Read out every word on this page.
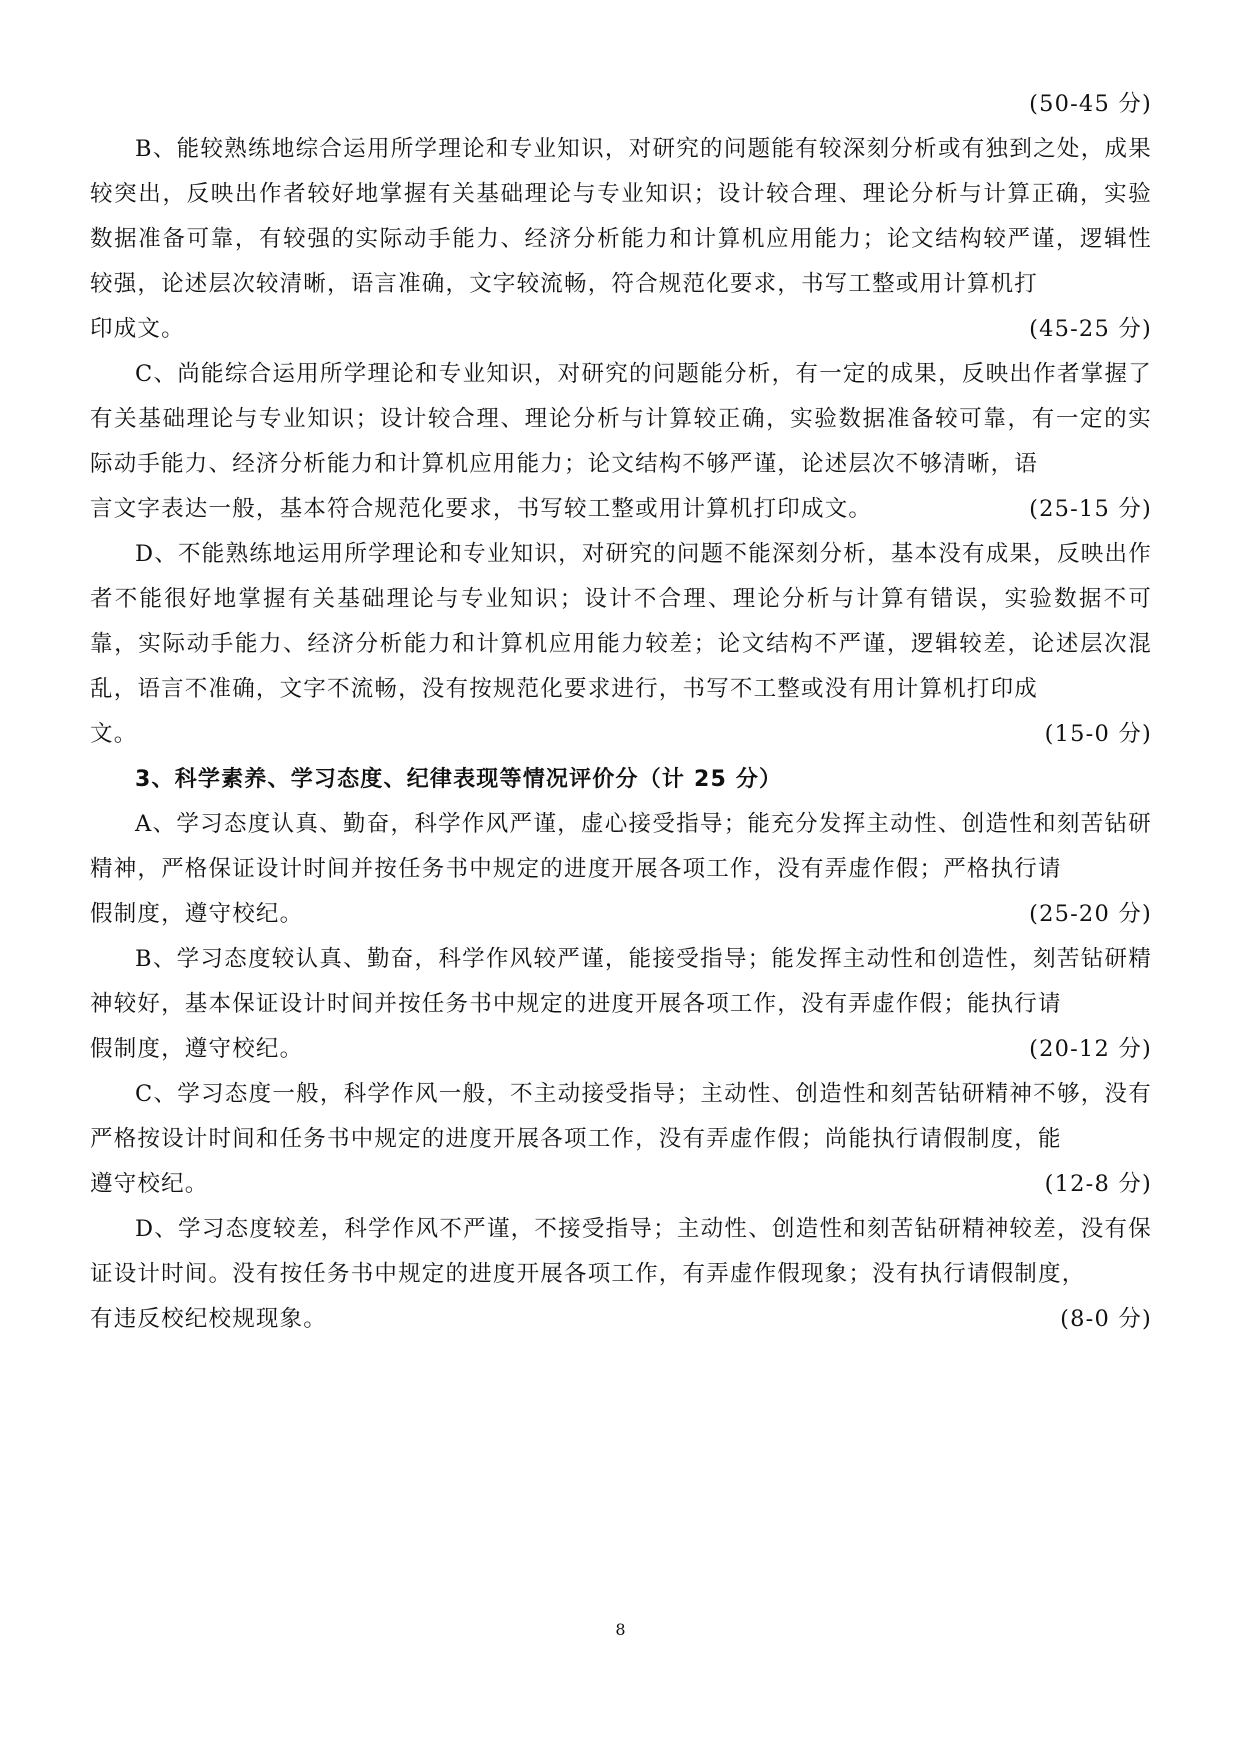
(50-45 分)

B、能较熟练地综合运用所学理论和专业知识，对研究的问题能有较深刻分析或有独到之处，成果较突出，反映出作者较好地掌握有关基础理论与专业知识；设计较合理、理论分析与计算正确，实验数据准备可靠，有较强的实际动手能力、经济分析能力和计算机应用能力；论文结构较严谨，逻辑性较强，论述层次较清晰，语言准确，文字较流畅，符合规范化要求，书写工整或用计算机打

印成文。	(45-25 分)

C、尚能综合运用所学理论和专业知识，对研究的问题能分析，有一定的成果，反映出作者掌握了有关基础理论与专业知识；设计较合理、理论分析与计算较正确，实验数据准备较可靠，有一定的实际动手能力、经济分析能力和计算机应用能力；论文结构不够严谨，论述层次不够清晰，语

言文字表达一般，基本符合规范化要求，书写较工整或用计算机打印成文。	(25-15 分)

D、不能熟练地运用所学理论和专业知识，对研究的问题不能深刻分析，基本没有成果，反映出作者不能很好地掌握有关基础理论与专业知识；设计不合理、理论分析与计算有错误，实验数据不可靠，实际动手能力、经济分析能力和计算机应用能力较差；论文结构不严谨，逻辑较差，论述层次混乱，语言不准确，文字不流畅，没有按规范化要求进行，书写不工整或没有用计算机打印成

文。	(15-0 分)

3、科学素养、学习态度、纪律表现等情况评价分（计 25 分）

A、学习态度认真、勤奋，科学作风严谨，虚心接受指导；能充分发挥主动性、创造性和刻苦钻研精神，严格保证设计时间并按任务书中规定的进度开展各项工作，没有弄虚作假；严格执行请

假制度，遵守校纪。	(25-20 分)

B、学习态度较认真、勤奋，科学作风较严谨，能接受指导；能发挥主动性和创造性，刻苦钻研精神较好，基本保证设计时间并按任务书中规定的进度开展各项工作，没有弄虚作假；能执行请

假制度，遵守校纪。	(20-12 分)

C、学习态度一般，科学作风一般，不主动接受指导；主动性、创造性和刻苦钻研精神不够，没有严格按设计时间和任务书中规定的进度开展各项工作，没有弄虚作假；尚能执行请假制度，能

遵守校纪。	(12-8 分)

D、学习态度较差，科学作风不严谨，不接受指导；主动性、创造性和刻苦钻研精神较差，没有保证设计时间。没有按任务书中规定的进度开展各项工作，有弄虚作假现象；没有执行请假制度，

有违反校纪校规现象。	(8-0 分)

8
